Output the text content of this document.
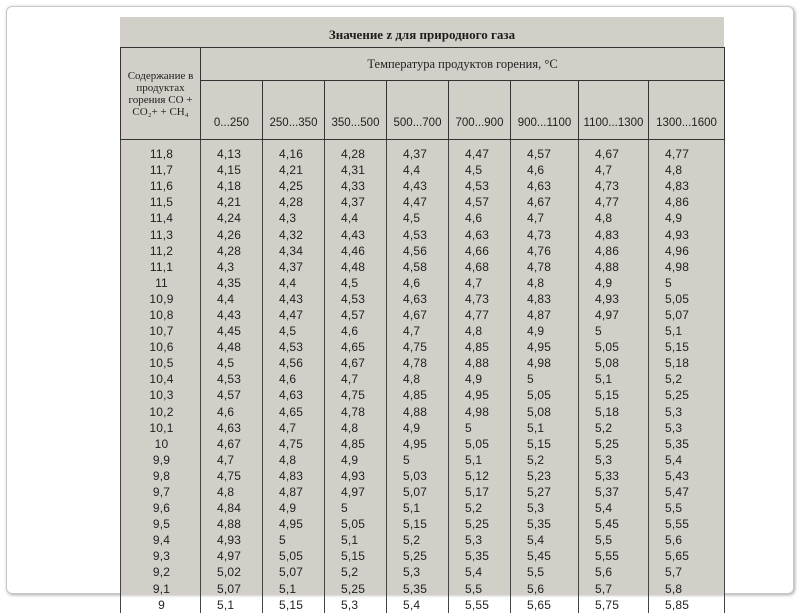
Значение z для природного газа
Содержание в продуктах горения CO + CO₂+ + CH₄	Температура продуктов горения, °C							
	0...250	250...350	350...500	500...700	700...900	900...1100	1100...1300	1300...1600
11,8	4,13	4,16	4,28	4,37	4,47	4,57	4,67	4,77
11,7	4,15	4,21	4,31	4,4	4,5	4,6	4,7	4,8
11,6	4,18	4,25	4,33	4,43	4,53	4,63	4,73	4,83
11,5	4,21	4,28	4,37	4,47	4,57	4,67	4,77	4,86
11,4	4,24	4,3	4,4	4,5	4,6	4,7	4,8	4,9
11,3	4,26	4,32	4,43	4,53	4,63	4,73	4,83	4,93
11,2	4,28	4,34	4,46	4,56	4,66	4,76	4,86	4,96
11,1	4,3	4,37	4,48	4,58	4,68	4,78	4,88	4,98
11	4,35	4,4	4,5	4,6	4,7	4,8	4,9	5
10,9	4,4	4,43	4,53	4,63	4,73	4,83	4,93	5,05
10,8	4,43	4,47	4,57	4,67	4,77	4,87	4,97	5,07
10,7	4,45	4,5	4,6	4,7	4,8	4,9	5	5,1
10,6	4,48	4,53	4,65	4,75	4,85	4,95	5,05	5,15
10,5	4,5	4,56	4,67	4,78	4,88	4,98	5,08	5,18
10,4	4,53	4,6	4,7	4,8	4,9	5	5,1	5,2
10,3	4,57	4,63	4,75	4,85	4,95	5,05	5,15	5,25
10,2	4,6	4,65	4,78	4,88	4,98	5,08	5,18	5,3
10,1	4,63	4,7	4,8	4,9	5	5,1	5,2	5,3
10	4,67	4,75	4,85	4,95	5,05	5,15	5,25	5,35
9,9	4,7	4,8	4,9	5	5,1	5,2	5,3	5,4
9,8	4,75	4,83	4,93	5,03	5,12	5,23	5,33	5,43
9,7	4,8	4,87	4,97	5,07	5,17	5,27	5,37	5,47
9,6	4,84	4,9	5	5,1	5,2	5,3	5,4	5,5
9,5	4,88	4,95	5,05	5,15	5,25	5,35	5,45	5,55
9,4	4,93	5	5,1	5,2	5,3	5,4	5,5	5,6
9,3	4,97	5,05	5,15	5,25	5,35	5,45	5,55	5,65
9,2	5,02	5,07	5,2	5,3	5,4	5,5	5,6	5,7
9,1	5,07	5,1	5,25	5,35	5,5	5,6	5,7	5,8
9	5,1	5,15	5,3	5,4	5,55	5,65	5,75	5,85
